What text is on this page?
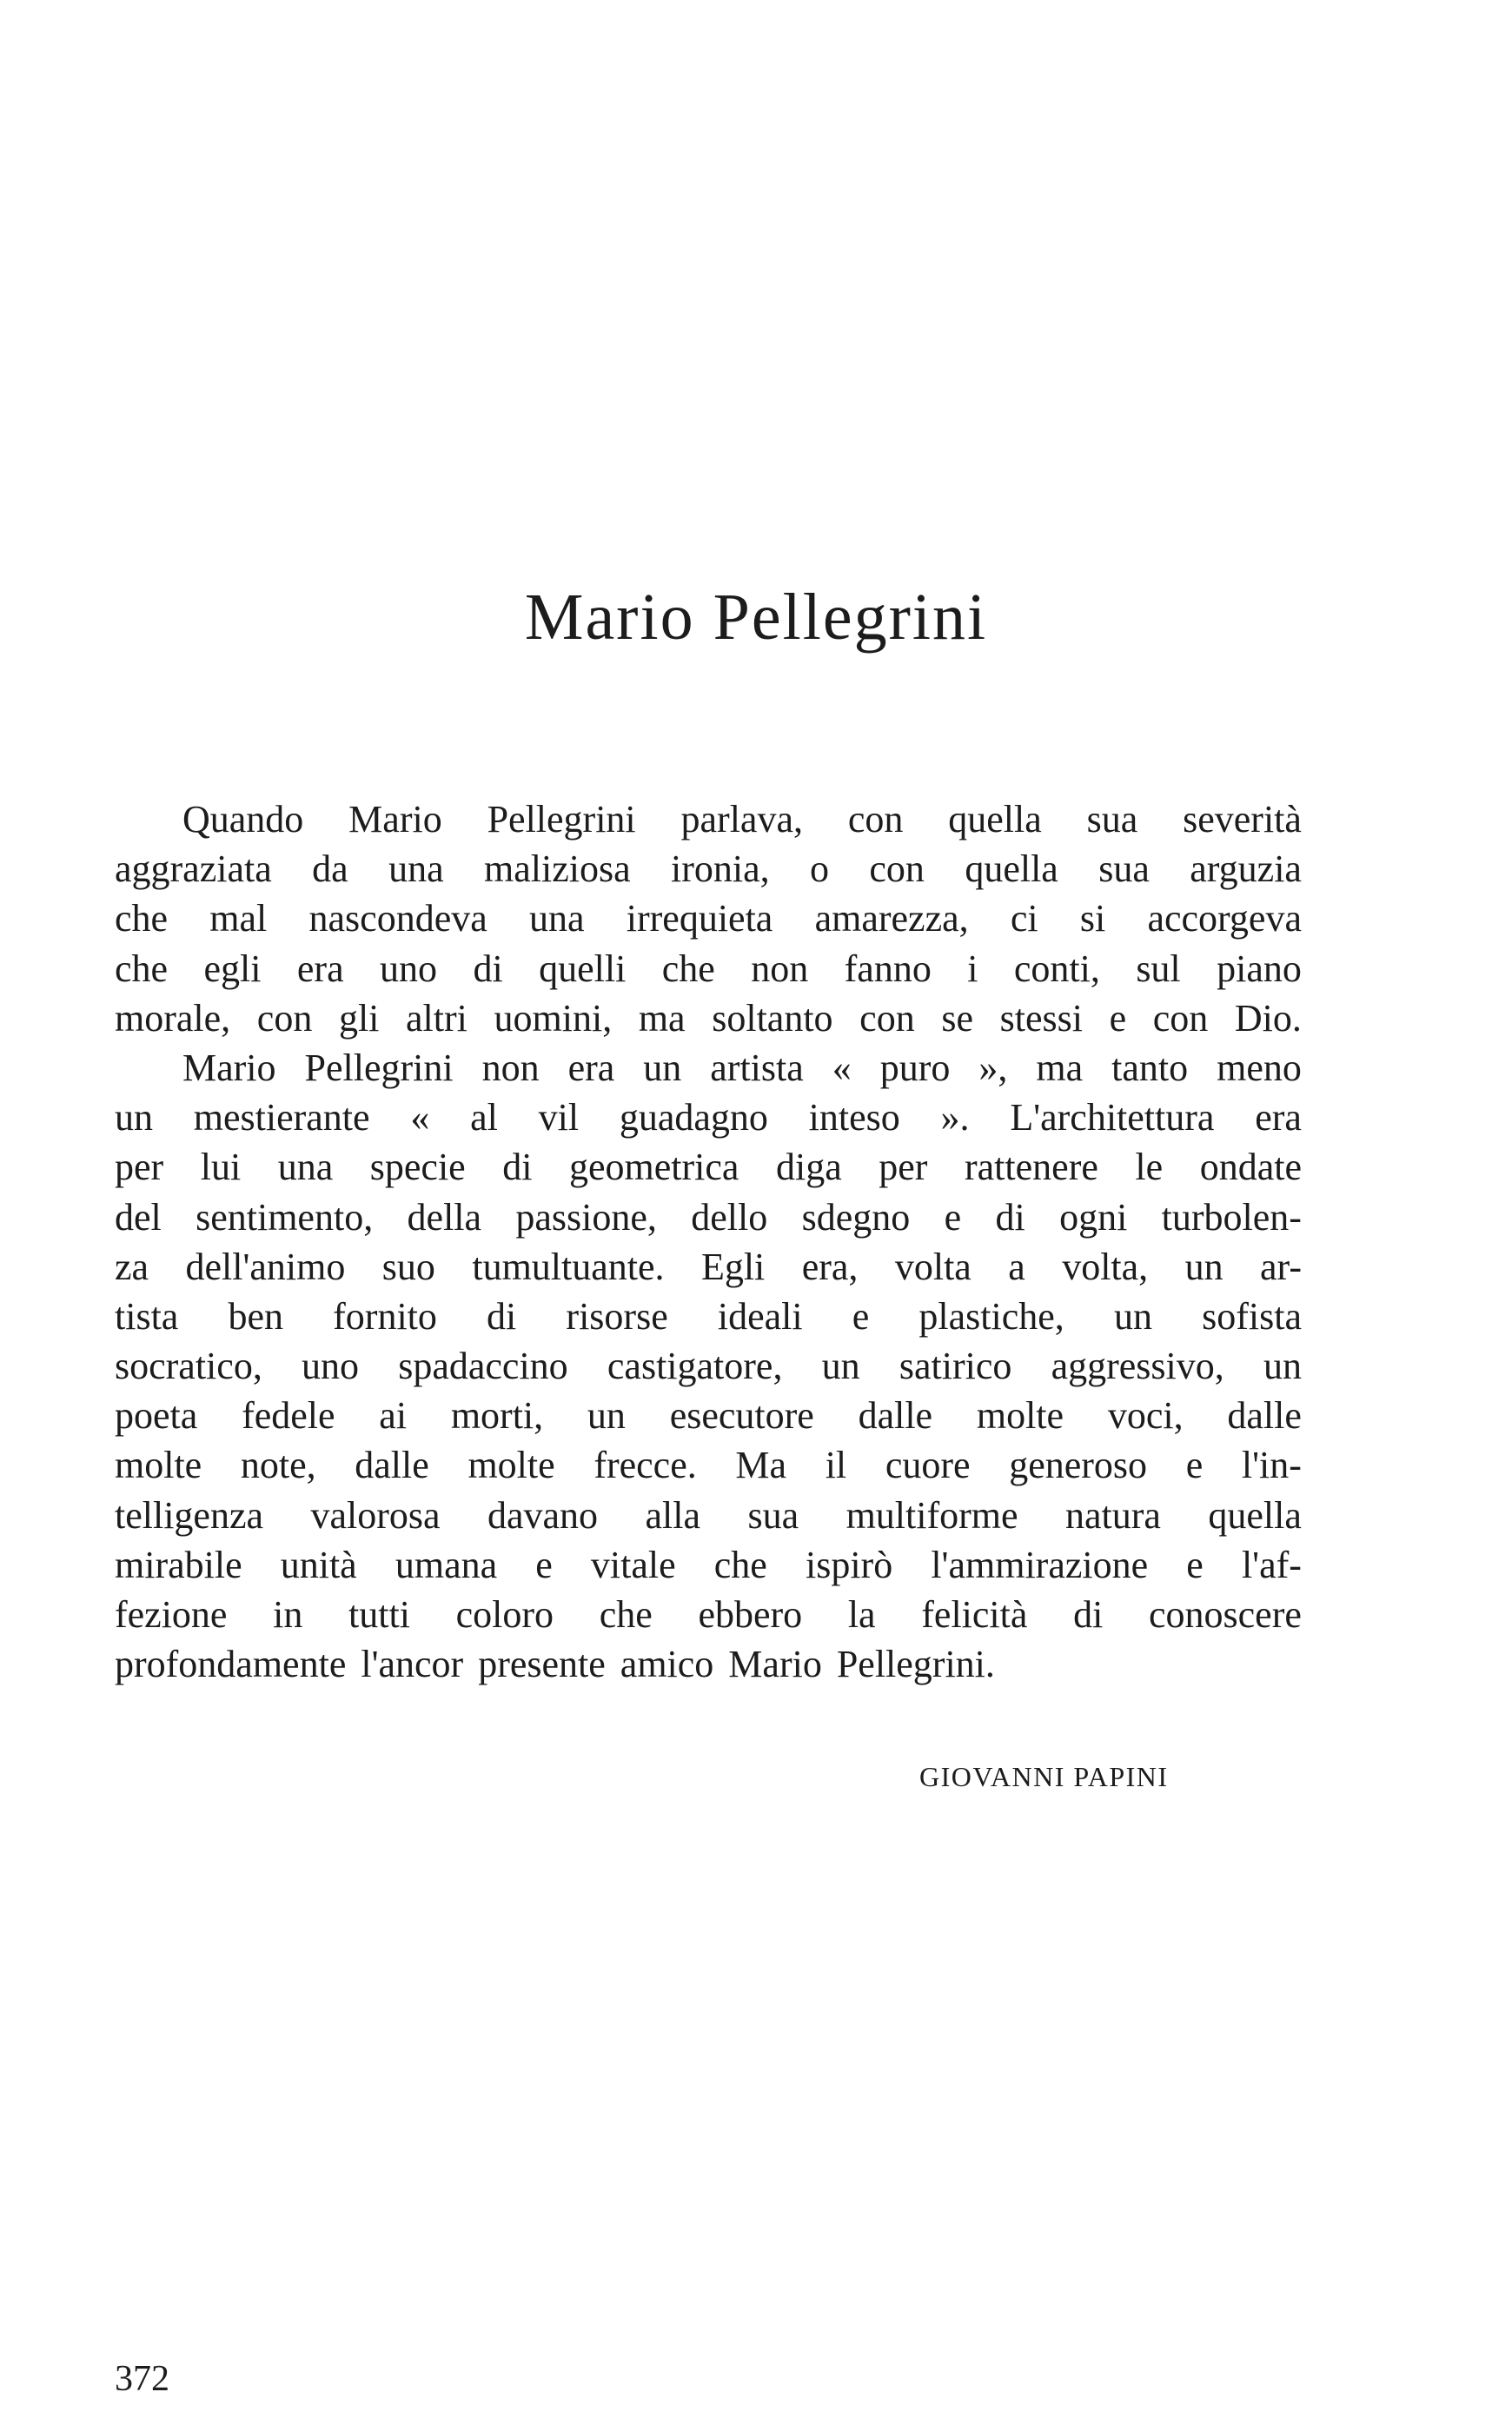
Mario Pellegrini
Quando Mario Pellegrini parlava, con quella sua severità
aggraziata da una maliziosa ironia, o con quella sua arguzia
che mal nascondeva una irrequieta amarezza, ci si accorgeva
che egli era uno di quelli che non fanno i conti, sul piano
morale, con gli altri uomini, ma soltanto con se stessi e con Dio.
Mario Pellegrini non era un artista « puro », ma tanto meno
un mestierante « al vil guadagno inteso ». L'architettura era
per lui una specie di geometrica diga per rattenere le ondate
del sentimento, della passione, dello sdegno e di ogni turbolen-
za dell'animo suo tumultuante. Egli era, volta a volta, un ar-
tista ben fornito di risorse ideali e plastiche, un sofista
socratico, uno spadaccino castigatore, un satirico aggressivo, un
poeta fedele ai morti, un esecutore dalle molte voci, dalle
molte note, dalle molte frecce. Ma il cuore generoso e l'in-
telligenza valorosa davano alla sua multiforme natura quella
mirabile unità umana e vitale che ispirò l'ammirazione e l'af-
fezione in tutti coloro che ebbero la felicità di conoscere
profondamente l'ancor presente amico Mario Pellegrini.

GIOVANNI PAPINI

372
